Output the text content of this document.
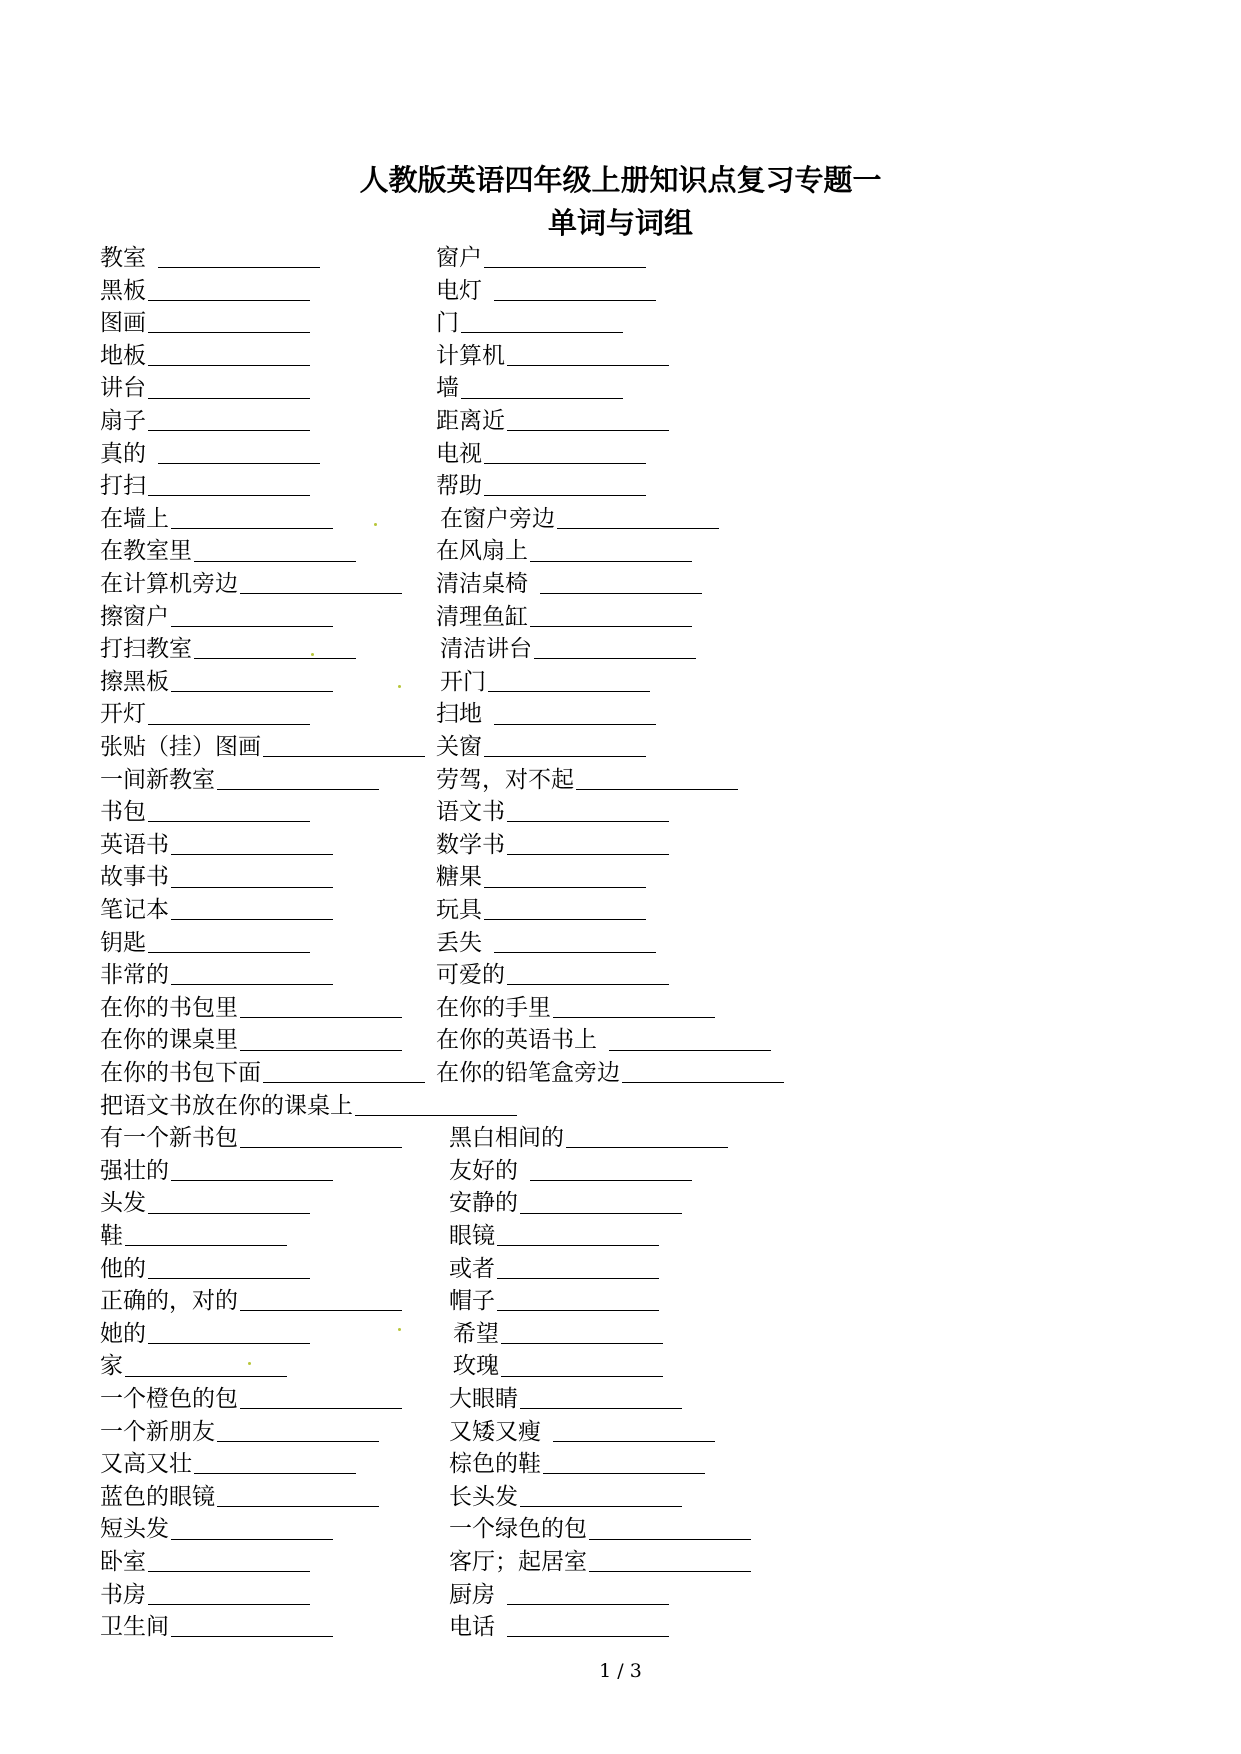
人教版英语四年级上册知识点复习专题一
单词与词组
教室	窗户
黑板	电灯
图画	门
地板	计算机
讲台	墙
扇子	距离近
真的	电视
打扫	帮助
在墙上	在窗户旁边
在教室里	在风扇上
在计算机旁边	清洁桌椅
擦窗户	清理鱼缸
打扫教室	清洁讲台
擦黑板	开门
开灯	扫地
张贴（挂）图画	关窗
一间新教室	劳驾，对不起
书包	语文书
英语书	数学书
故事书	糖果
笔记本	玩具
钥匙	丢失
非常的	可爱的
在你的书包里	在你的手里
在你的课桌里	在你的英语书上
在你的书包下面	在你的铅笔盒旁边
把语文书放在你的课桌上
有一个新书包	黑白相间的
强壮的	友好的
头发	安静的
鞋	眼镜
他的	或者
正确的，对的	帽子
她的	希望
家	玫瑰
一个橙色的包	大眼睛
一个新朋友	又矮又瘦
又高又壮	棕色的鞋
蓝色的眼镜	长头发
短头发	一个绿色的包
卧室	客厅；起居室
书房	厨房
卫生间	电话
1 / 3
